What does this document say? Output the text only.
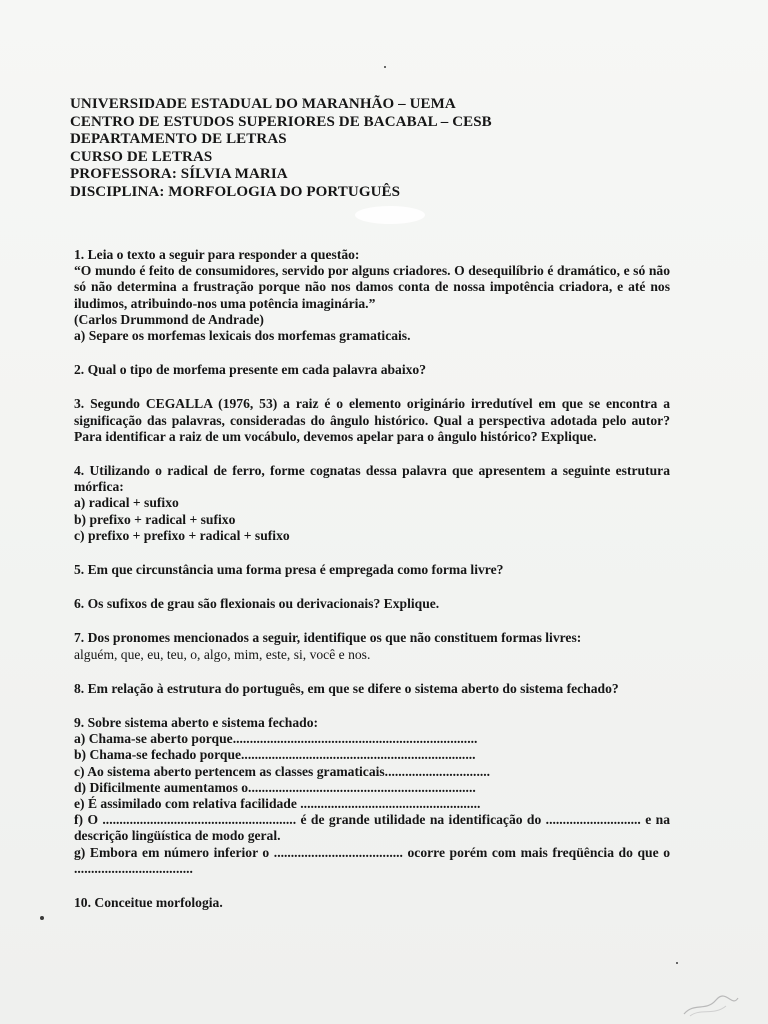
UNIVERSIDADE ESTADUAL DO MARANHÃO – UEMA
CENTRO DE ESTUDOS SUPERIORES DE BACABAL – CESB
DEPARTAMENTO DE LETRAS
CURSO DE LETRAS
PROFESSORA: SÍLVIA MARIA
DISCIPLINA: MORFOLOGIA DO PORTUGUÊS

1. Leia o texto a seguir para responder a questão:

“O mundo é feito de consumidores, servido por alguns criadores. O desequilíbrio é dramático, e só não só não determina a frustração porque não nos damos conta de nossa impotência criadora, e até nos iludimos, atribuindo-nos uma potência imaginária.”

(Carlos Drummond de Andrade)

a) Separe os morfemas lexicais dos morfemas gramaticais.

2. Qual o tipo de morfema presente em cada palavra abaixo?

3. Segundo CEGALLA (1976, 53) a raiz é o elemento originário irredutível em que se encontra a significação das palavras, consideradas do ângulo histórico. Qual a perspectiva adotada pelo autor? Para identificar a raiz de um vocábulo, devemos apelar para o ângulo histórico? Explique.

4. Utilizando o radical de ferro, forme cognatas dessa palavra que apresentem a seguinte estrutura mórfica:

a) radical + sufixo

b) prefixo + radical + sufixo

c) prefixo + prefixo + radical + sufixo

5. Em que circunstância uma forma presa é empregada como forma livre?

6. Os sufixos de grau são flexionais ou derivacionais? Explique.

7. Dos pronomes mencionados a seguir, identifique os que não constituem formas livres:

alguém, que, eu, teu, o, algo, mim, este, si, você e nos.

8. Em relação à estrutura do português, em que se difere o sistema aberto do sistema fechado?

9. Sobre sistema aberto e sistema fechado:

a) Chama-se aberto porque........................................................................

b) Chama-se fechado porque.....................................................................

c) Ao sistema aberto pertencem as classes gramaticais...............................

d) Dificilmente aumentamos o...................................................................

e) É assimilado com relativa facilidade .....................................................

f) O ......................................................... é de grande utilidade na identificação do ............................ e na descrição lingüística de modo geral.

g) Embora em número inferior o ...................................... ocorre porém com mais freqüência do que o ...................................

10. Conceitue morfologia.
